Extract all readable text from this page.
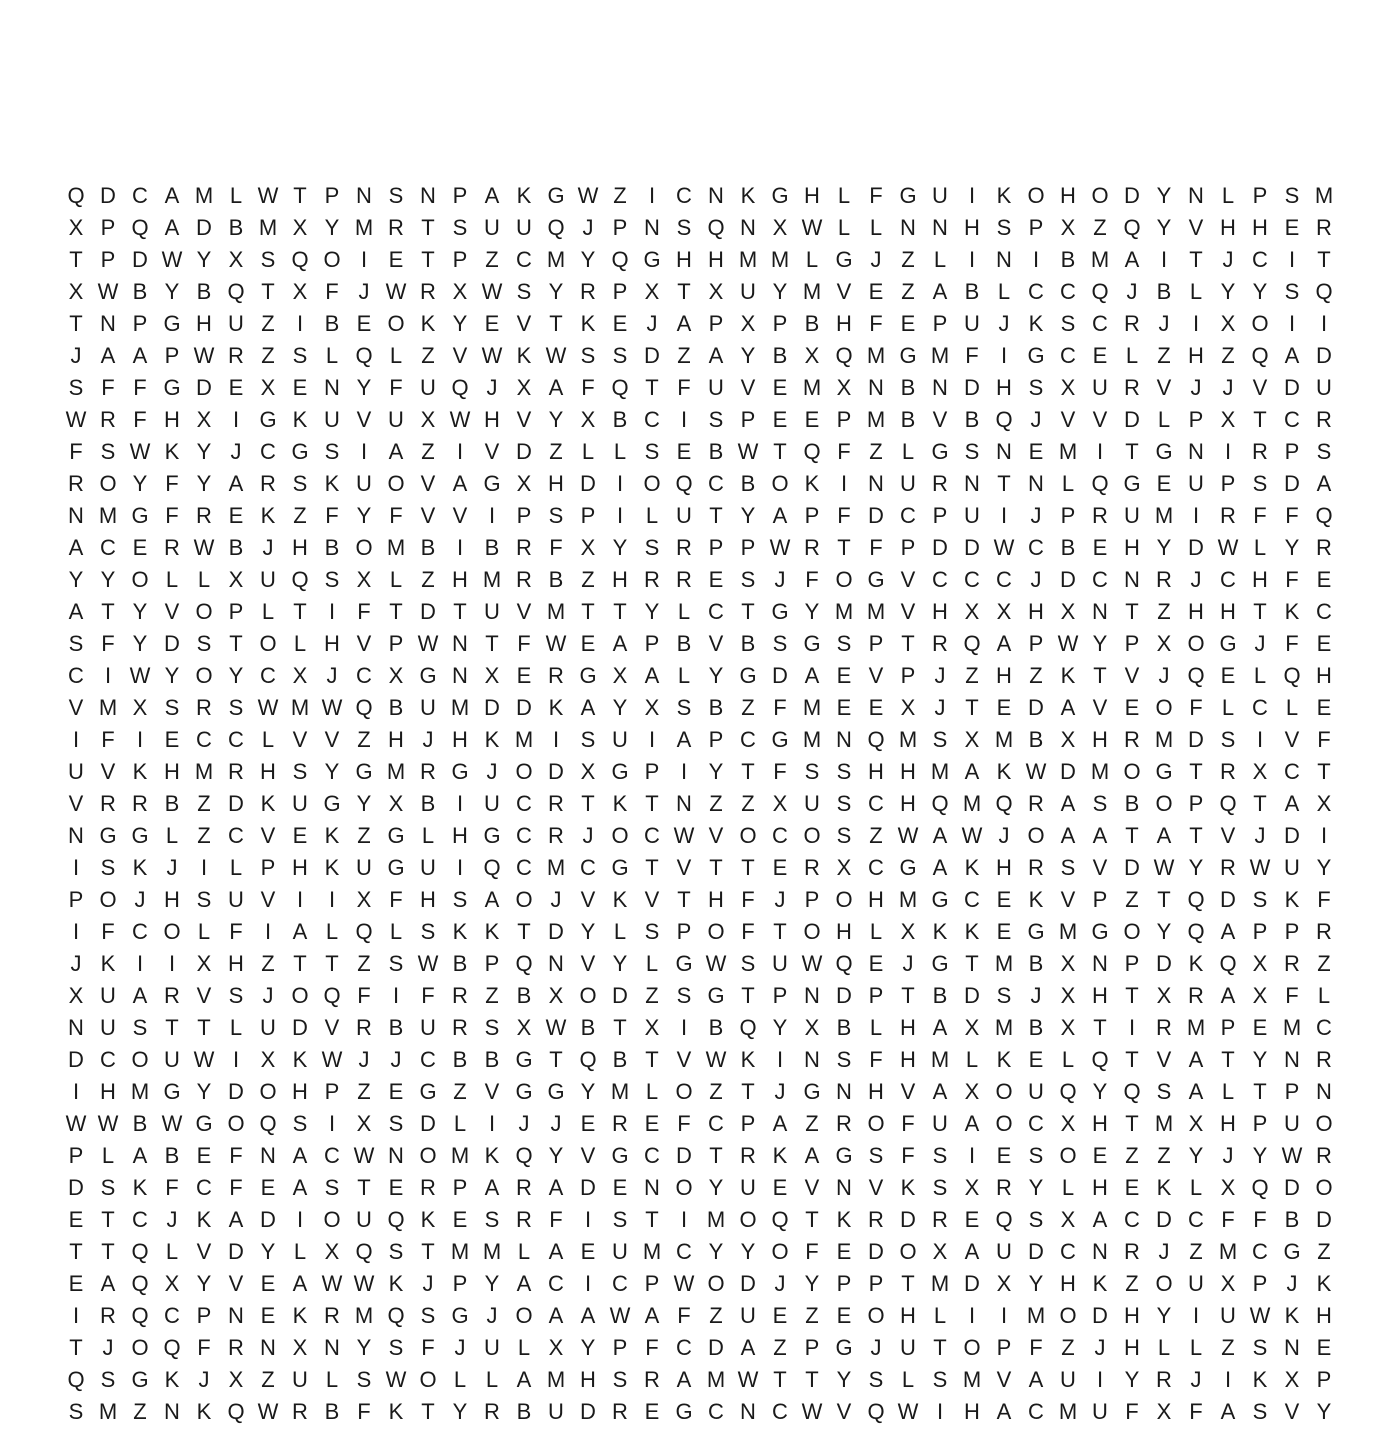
Q D C A M L W T P N S N P A K G W Z	I C N K G H L F G U I K O H O D Y N L P S M
X P Q A D B M X Y M R T S U U Q J P N S Q N X W L L N N H S P X Z Q Y V H H E R
T P D W Y X S Q O I E T P Z C M Y Q G H H M M L G J Z L	I N I B M A I	T J C I	T
X W B Y B Q T X F J W R X W S Y R P X T X U Y M V E Z A B L C C Q J B L Y Y S Q
T N P G H U Z	I B E O K Y E V T K E J A P X P B H F E P U J K S C R J	I X O I	I
J A A P W R Z S L Q L Z V W K W S S D Z A Y B X Q M G M F	I G C E L Z H Z Q A D
S F F G D E X E N Y F U Q J X A F Q T F U V E M X N B N D H S X U R V J J V D U
W R F H X I G K U V U X W H V Y X B C I S P E E P M B V B Q J V V D L P X T C R
F S W K Y J C G S I A Z	I V D Z L L S E B W T Q F Z L G S N E M I	T G N I R P S
R O Y F Y A R S K U O V A G X H D I O Q C B O K I N U R N T N L Q G E U P S D A
N M G F R E K Z F Y F V V I P S P I	L U T Y A P F D C P U I	J P R U M I R F F Q
A C E R W B J H B O M B I B R F X Y S R P P W R T F P D D W C B E H Y D W L Y R
Y Y O L L X U Q S X L Z H M R B Z H R R E S J F O G V C C C J D C N R J C H F E
A T Y V O P L T	I	F T D T U V M T T Y L C T G Y M M V H X X H X N T Z H H T K C
S F Y D S T O L H V P W N T F W E A P B V B S G S P T R Q A P W Y P X O G J F E
C I W Y O Y C X J C X G N X E R G X A L Y G D A E V P J Z H Z K T V J Q E L Q H
V M X S R S W M W Q B U M D D K A Y X S B Z F M E E X J T E D A V E O F L C L E
I	F	I E C C L V V Z H J H K M I S U I A P C G M N Q M S X M B X H R M D S I V F
U V K H M R H S Y G M R G J O D X G P I Y T F S S H H M A K W D M O G T R X C T
V R R B Z D K U G Y X B I U C R T K T N Z Z X U S C H Q M Q R A S B O P Q T A X
N G G L Z C V E K Z G L H G C R J O C W V O C O S Z W A W J O A A T A T V J D I
I S K J	I	L P H K U G U I Q C M C G T V T T E R X C G A K H R S V D W Y R W U Y
P O J H S U V I	I X F H S A O J V K V T H F J P O H M G C E K V P Z T Q D S K F
I	F C O L F	I A L Q L S K K T D Y L S P O F T O H L X K K E G M G O Y Q A P P R
J K I	I X H Z T T Z S W B P Q N V Y L G W S U W Q E J G T M B X N P D K Q X R Z
X U A R V S J O Q F	I	F R Z B X O D Z S G T P N D P T B D S J X H T X R A X F L
N U S T T L U D V R B U R S X W B T X I B Q Y X B L H A X M B X T	I R M P E M C
D C O U W I X K W J J C B B G T Q B T V W K I N S F H M L K E L Q T V A T Y N R
I H M G Y D O H P Z E G Z V G G Y M L O Z T J G N H V A X O U Q Y Q S A L T P N
W W B W G O Q S I X S D L	I	J J E R E F C P A Z R O F U A O C X H T M X H P U O
P L A B E F N A C W N O M K Q Y V G C D T R K A G S F S I E S O E Z Z Y J Y W R
D S K F C F E A S T E R P A R A D E N O Y U E V N V K S X R Y L H E K L X Q D O
E T C J K A D I O U Q K E S R F	I S T	I M O Q T K R D R E Q S X A C D C F F B D
T T Q L V D Y L X Q S T M M L A E U M C Y Y O F E D O X A U D C N R J Z M C G Z
E A Q X Y V E A W W K J P Y A C I C P W O D J Y P P T M D X Y H K Z O U X P J K
I R Q C P N E K R M Q S G J O A A W A F Z U E Z E O H L	I	I M O D H Y I U W K H
T J O Q F R N X N Y S F J U L X Y P F C D A Z P G J U T O P F Z J H L L Z S N E
Q S G K J X Z U L S W O L L A M H S R A M W T T Y S L S M V A U I Y R J	I K X P
S M Z N K Q W R B F K T Y R B U D R E G C N C W V Q W I H A C M U F X F A S V Y
